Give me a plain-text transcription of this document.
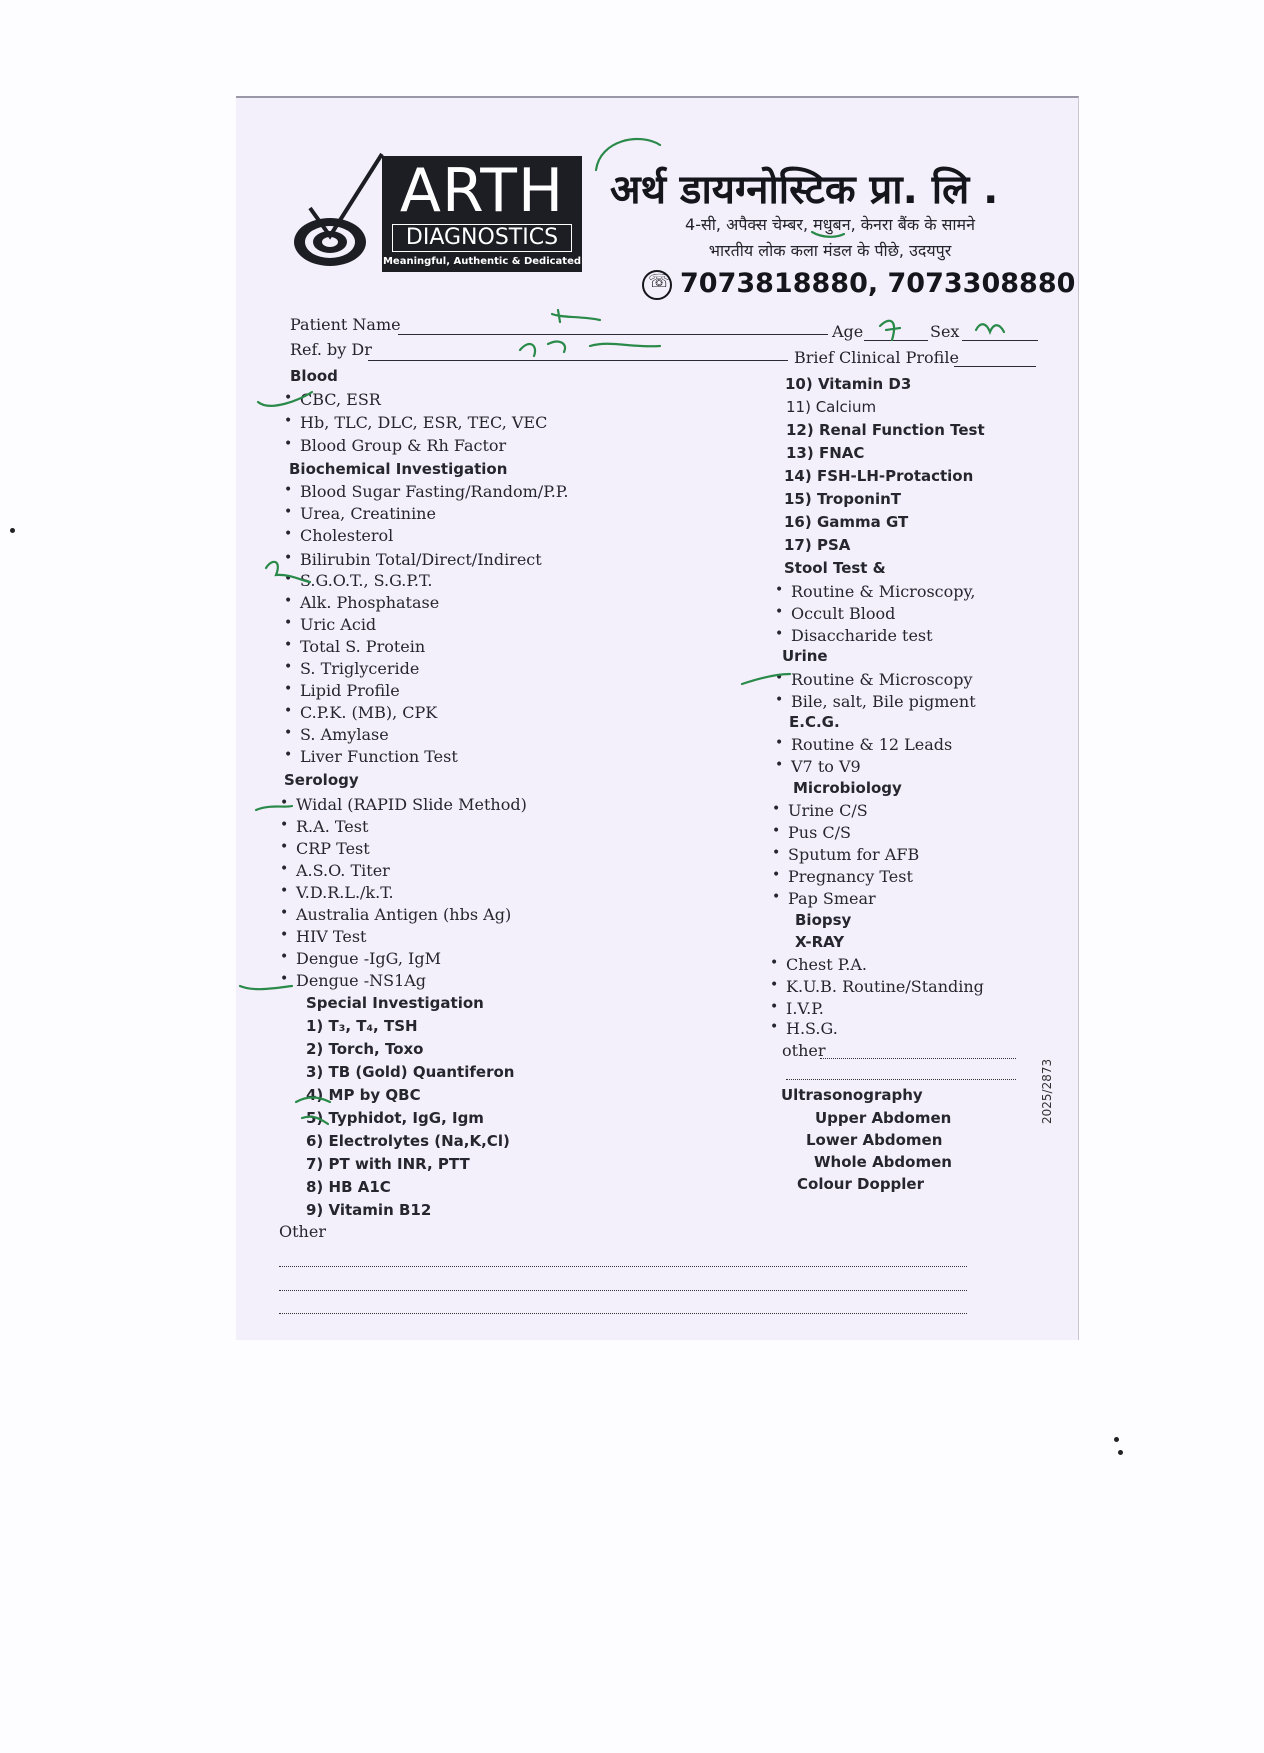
ARTH
DIAGNOSTICS
Meaningful, Authentic & Dedicated
अर्थ डायग्नोस्टिक प्रा. लि .
4-सी, अपैक्स चेम्बर, मधुबन, केनरा बैंक के सामने
भारतीय लोक कला मंडल के पीछे, उदयपुर
☏7073818880, 7073308880
Patient Name	Age	Sex
Ref. by Dr	Brief Clinical Profile
Blood
• CBC, ESR
• Hb, TLC, DLC, ESR, TEC, VEC
• Blood Group & Rh Factor
Biochemical Investigation
• Blood Sugar Fasting/Random/P.P.
• Urea, Creatinine
• Cholesterol
• Bilirubin Total/Direct/Indirect
• S.G.O.T., S.G.P.T.
• Alk. Phosphatase
• Uric Acid
• Total S. Protein
• S. Triglyceride
• Lipid Profile
• C.P.K. (MB), CPK
• S. Amylase
• Liver Function Test
Serology
• Widal (RAPID Slide Method)
• R.A. Test
• CRP Test
• A.S.O. Titer
• V.D.R.L./k.T.
• Australia Antigen (hbs Ag)
• HIV Test
• Dengue -IgG, IgM
• Dengue -NS1Ag
Special Investigation
1) T₃, T₄, TSH
2) Torch, Toxo
3) TB (Gold) Quantiferon
4) MP by QBC
5) Typhidot, IgG, Igm
6) Electrolytes (Na,K,Cl)
7) PT with INR, PTT
8) HB A1C
9) Vitamin B12
Other
10) Vitamin D3
11) Calcium
12) Renal Function Test
13) FNAC
14) FSH-LH-Protaction
15) TroponinT
16) Gamma GT
17) PSA
Stool Test &
• Routine & Microscopy,
• Occult Blood
• Disaccharide test
Urine
• Routine & Microscopy
• Bile, salt, Bile pigment
E.C.G.
• Routine & 12 Leads
• V7 to V9
Microbiology
• Urine C/S
• Pus C/S
• Sputum for AFB
• Pregnancy Test
• Pap Smear
Biopsy
X-RAY
• Chest P.A.
• K.U.B. Routine/Standing
• I.V.P.
• H.S.G.
other
Ultrasonography
Upper Abdomen
Lower Abdomen
Whole Abdomen
Colour Doppler
2025/2873
